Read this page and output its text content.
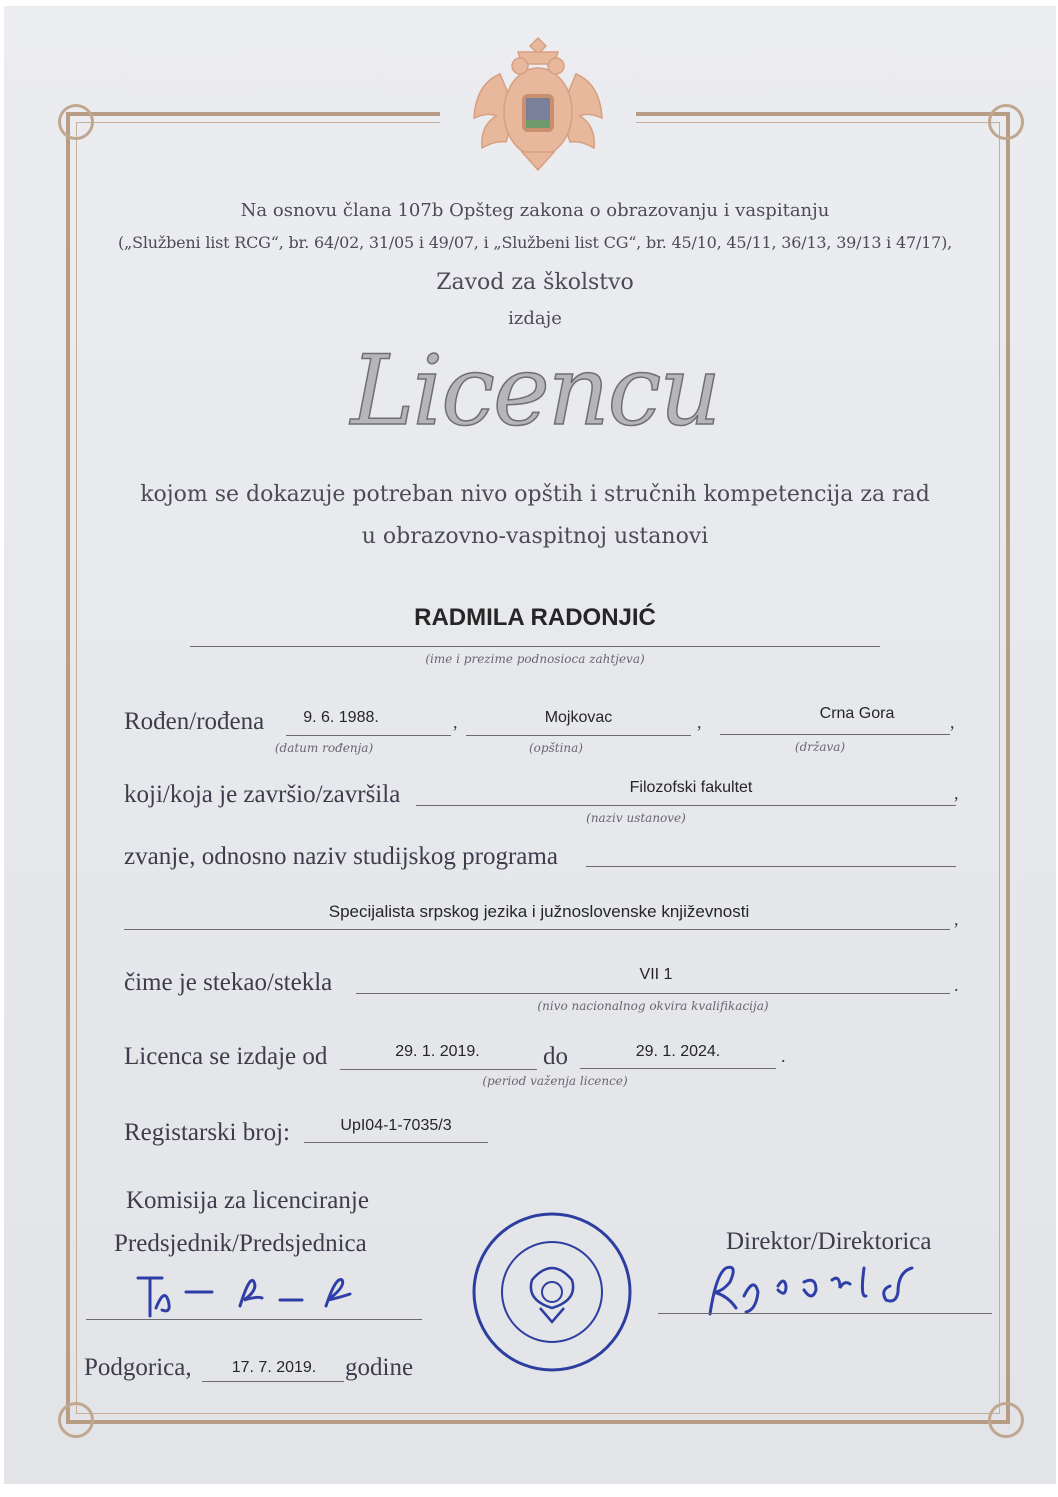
Na osnovu člana 107b Opšteg zakona o obrazovanju i vaspitanju
(„Službeni list RCG“, br. 64/02, 31/05 i 49/07, i „Službeni list CG“, br. 45/10, 45/11, 36/13, 39/13 i 47/17),
Zavod za školstvo
izdaje
Licencu
kojom se dokazuje potreban nivo opštih i stručnih kompetencija za rad
u obrazovno-vaspitnoj ustanovi
RADMILA RADONJIĆ
(ime i prezime podnosioca zahtjeva)
Rođen/rođena	9. 6. 1988.
(datum rođenja)
,	Mojkovac
(opština)
,	Crna Gora
(država)
,
koji/koja je završio/završila	Filozofski fakultet
(naziv ustanove)
,
zvanje, odnosno naziv studijskog programa
Specijalista srpskog jezika i južnoslovenske književnosti	,
čime je stekao/stekla	VII 1
(nivo nacionalnog okvira kvalifikacija)
.
Licenca se izdaje od	29. 1. 2019.	do	29. 1. 2024.
(period važenja licence)
.
Registarski broj:	UpI04-1-7035/3
Komisija za licenciranje
Predsjednik/Predsjednica	Direktor/Direktorica
Podgorica,	17. 7. 2019.	godine
